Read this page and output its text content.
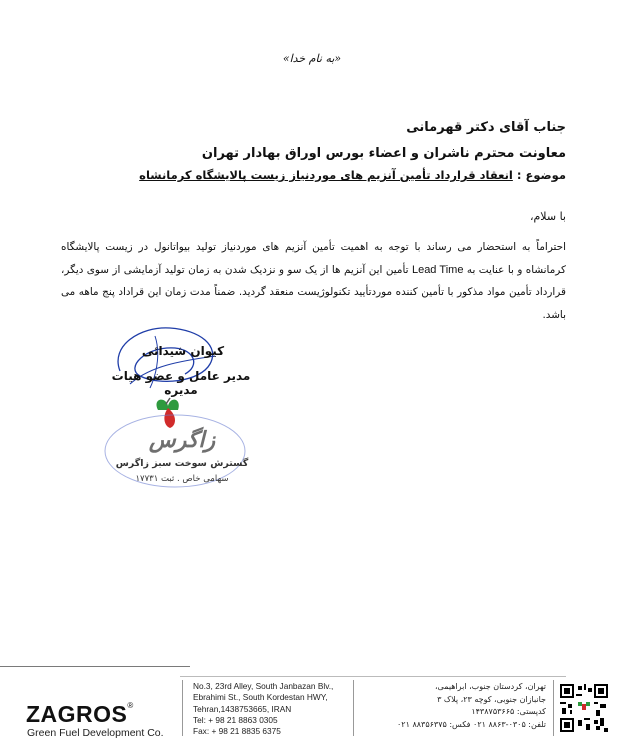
«به نام خدا»
جناب آقای دکتر قهرمانی
معاونت محترم ناشران و اعضاء بورس اوراق بهادار تهران
موضوع : انعقاد قرارداد تأمین آنزیم های موردنیاز زیست پالایشگاه کرمانشاه
با سلام،
احتراماً به استحضار می رساند با توجه به اهمیت تأمین آنزیم های موردنیاز تولید بیواتانول در زیست پالایشگاه کرمانشاه و با عنایت به Lead Time تأمین این آنزیم ها از یک سو و نزدیک شدن به زمان تولید آزمایشی از سوی دیگر، قرارداد تأمین مواد مذکور با تأمین کننده موردتأیید تکنولوژیست منعقد گردید. ضمناً مدت زمان این قراداد پنج ماهه می باشد.
کیوان شیدائی
مدیر عامل و عضو هیات مدیره
زاگرس
گسترش سوخت سبز زاگرس
سهامی خاص . ثبت ۱۷۷۳۱
ZAGROS®
Green Fuel Development Co.
No.3, 23rd Alley, South Janbazan Blv.,
Ebrahimi St., South Kordestan HWY,
Tehran,1438753665, IRAN
Tel: + 98 21 8863 0305
Fax: + 98 21 8835 6375
تهران، کردستان جنوب، ابراهیمی،
جانبازان جنوبی، کوچه ۲۳، پلاک ۳
کدپستی: ۱۴۳۸۷۵۳۶۶۵
تلفن: ۰۳۰۵-۸۸۶۳ ۰۲۱ فکس: ۸۸۳۵۶۳۷۵ ۰۲۱
